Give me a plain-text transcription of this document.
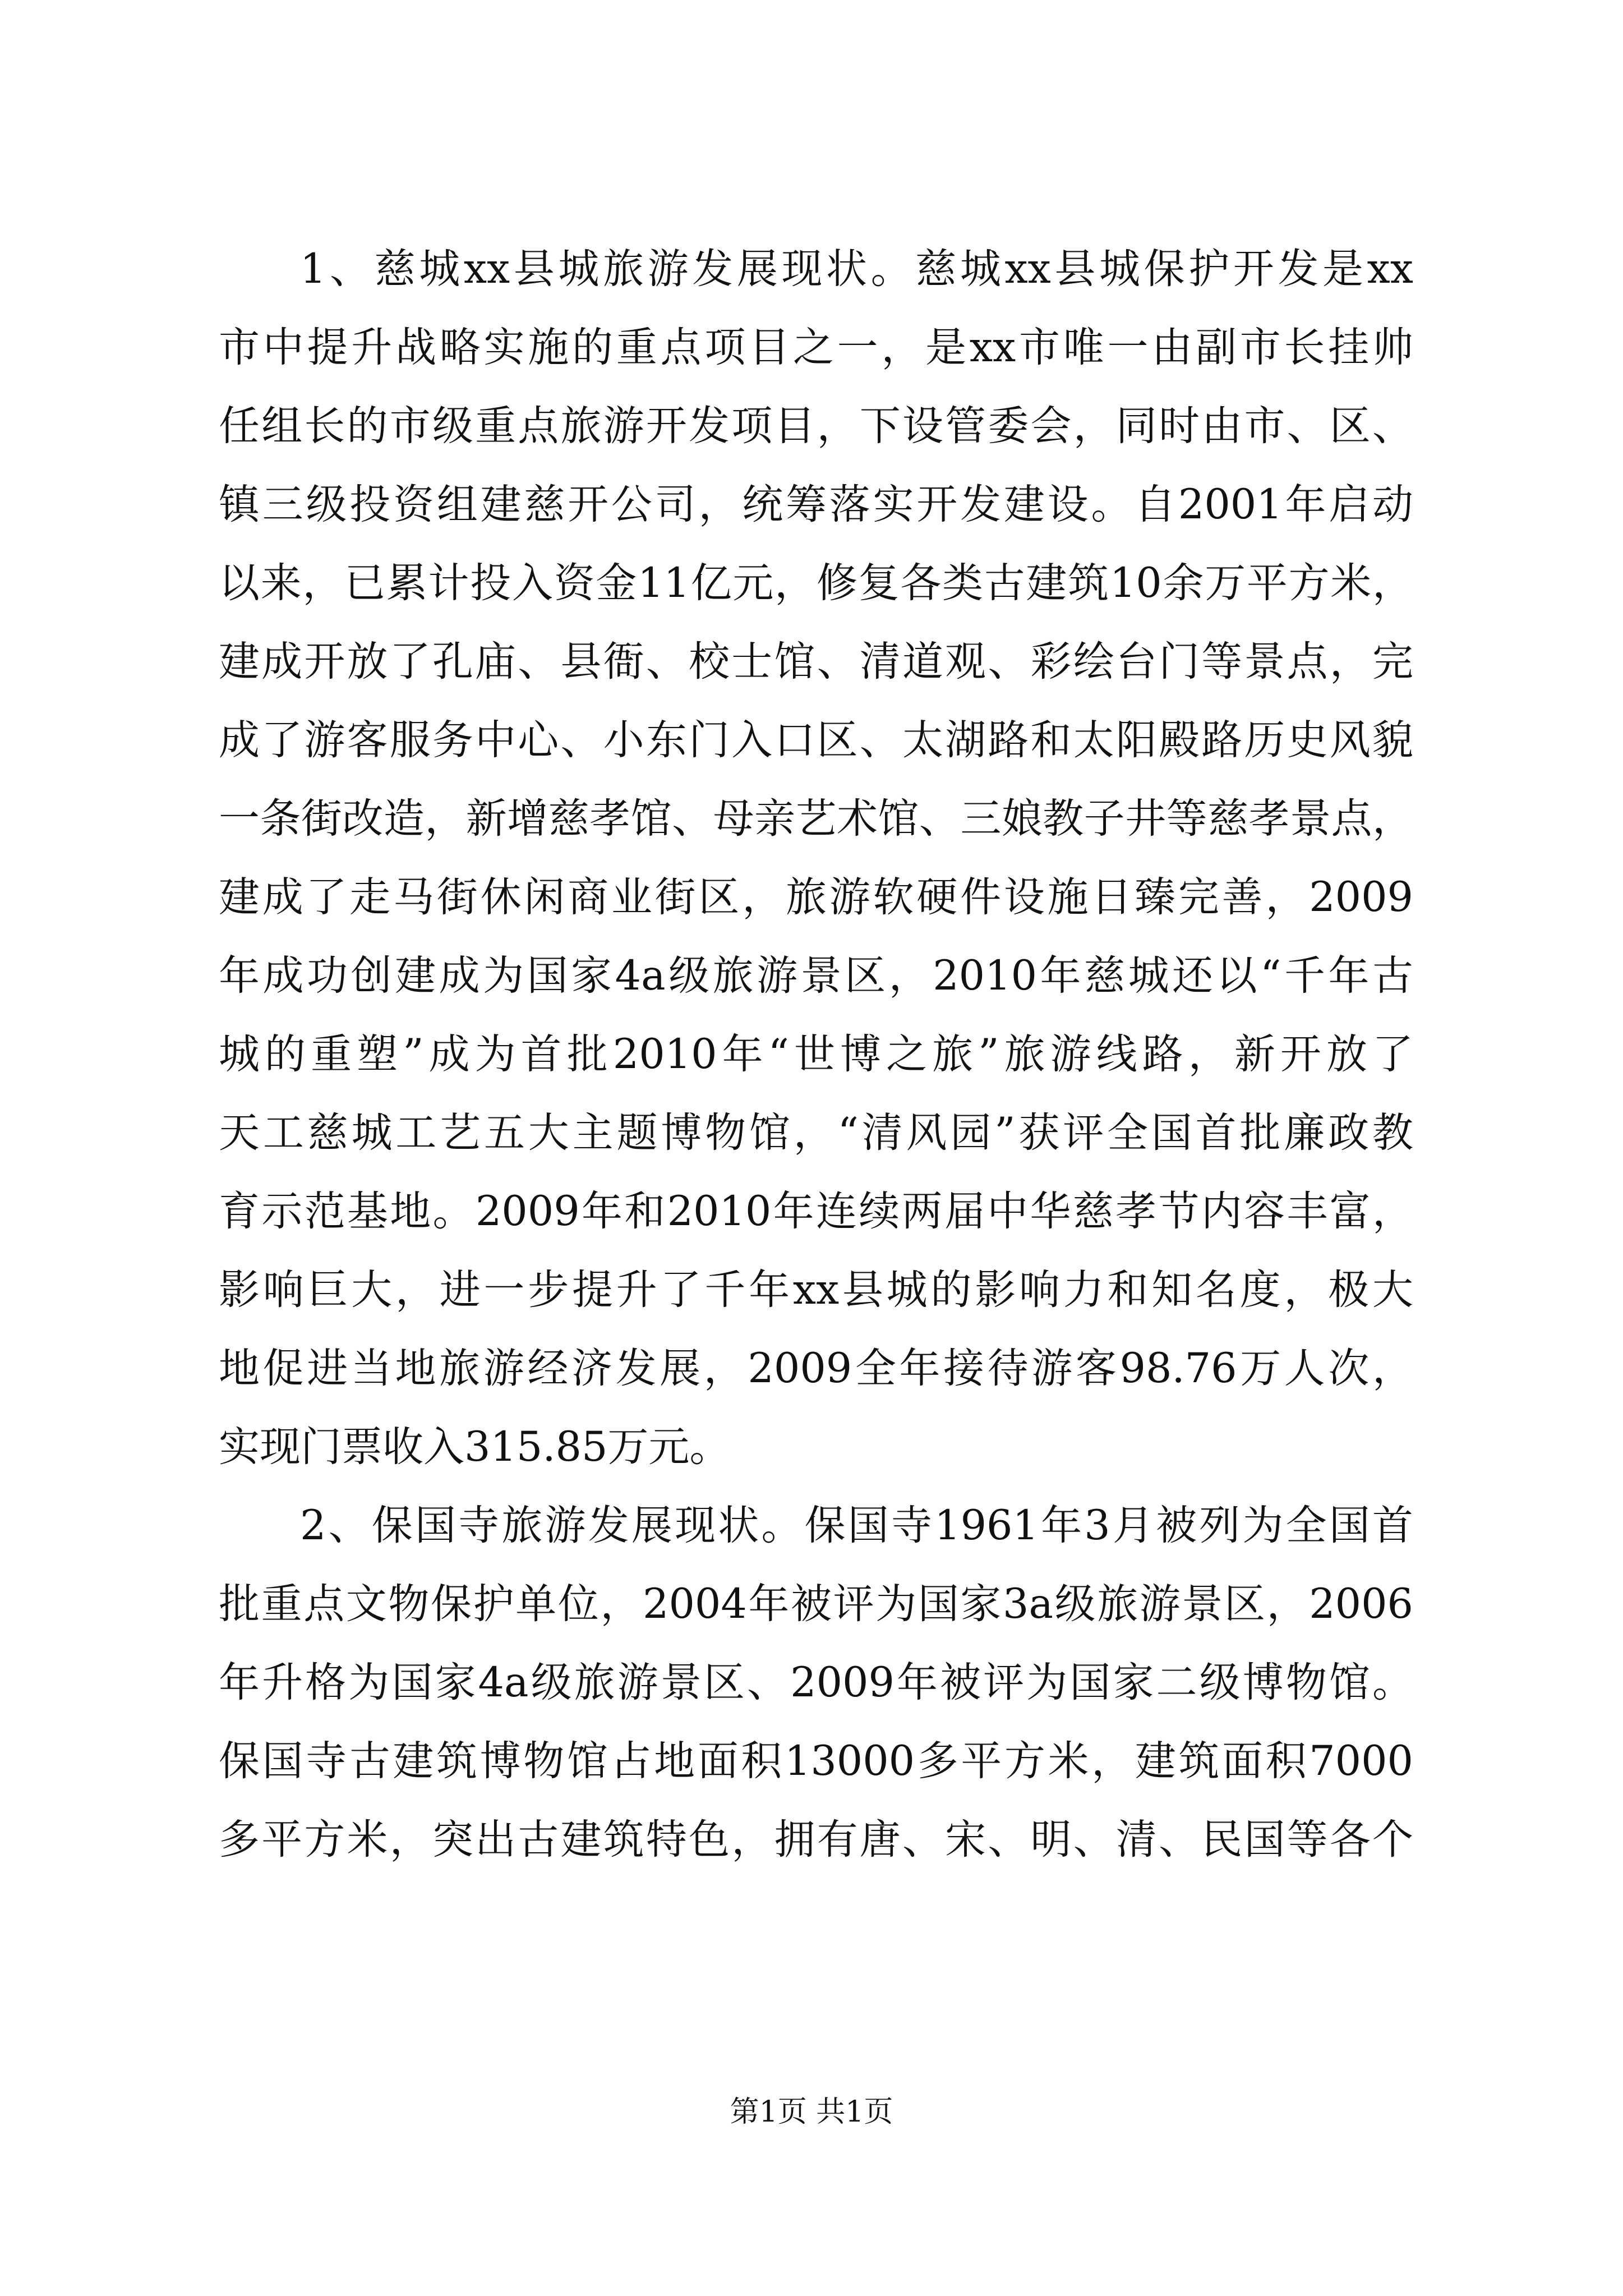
1、慈城xx县城旅游发展现状。慈城xx县城保护开发是xx
市中提升战略实施的重点项目之一，是xx市唯一由副市长挂帅
任组长的市级重点旅游开发项目，下设管委会，同时由市、区、
镇三级投资组建慈开公司，统筹落实开发建设。自2001年启动
以来，已累计投入资金11亿元，修复各类古建筑10余万平方米，
建成开放了孔庙、县衙、校士馆、清道观、彩绘台门等景点，完
成了游客服务中心、小东门入口区、太湖路和太阳殿路历史风貌
一条街改造，新增慈孝馆、母亲艺术馆、三娘教子井等慈孝景点，
建成了走马街休闲商业街区，旅游软硬件设施日臻完善，2009
年成功创建成为国家4a级旅游景区，2010年慈城还以“千年古
城的重塑”成为首批2010年“世博之旅”旅游线路，新开放了
天工慈城工艺五大主题博物馆，“清风园”获评全国首批廉政教
育示范基地。2009年和2010年连续两届中华慈孝节内容丰富，
影响巨大，进一步提升了千年xx县城的影响力和知名度，极大
地促进当地旅游经济发展，2009全年接待游客98.76万人次，
实现门票收入315.85万元。
2、保国寺旅游发展现状。保国寺1961年3月被列为全国首
批重点文物保护单位，2004年被评为国家3a级旅游景区，2006
年升格为国家4a级旅游景区、2009年被评为国家二级博物馆。
保国寺古建筑博物馆占地面积13000多平方米，建筑面积7000
多平方米，突出古建筑特色，拥有唐、宋、明、清、民国等各个
第1页 共1页
